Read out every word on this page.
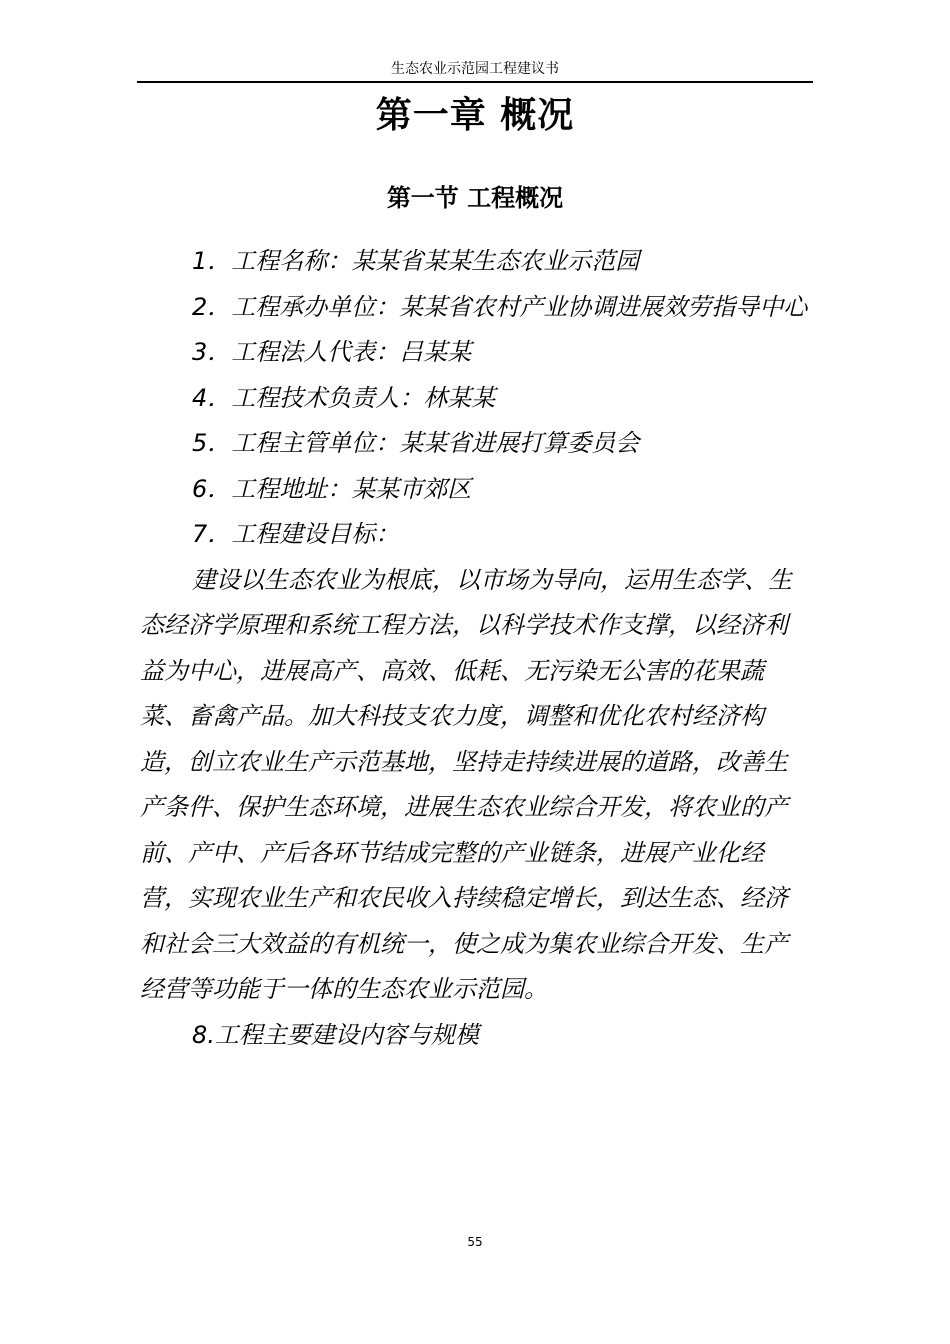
生态农业示范园工程建议书
第一章 概况
第一节 工程概况

1．工程名称：某某省某某生态农业示范园

2．工程承办单位：某某省农村产业协调进展效劳指导中心

3．工程法人代表：吕某某

4．工程技术负责人：林某某

5．工程主管单位：某某省进展打算委员会

6．工程地址：某某市郊区

7．工程建设目标：

建设以生态农业为根底，以市场为导向，运用生态学、生态经济学原理和系统工程方法，以科学技术作支撑，以经济利益为中心，进展高产、高效、低耗、无污染无公害的花果蔬菜、畜禽产品。加大科技支农力度，调整和优化农村经济构造，创立农业生产示范基地，坚持走持续进展的道路，改善生产条件、保护生态环境，进展生态农业综合开发，将农业的产前、产中、产后各环节结成完整的产业链条，进展产业化经营，实现农业生产和农民收入持续稳定增长，到达生态、经济和社会三大效益的有机统一，使之成为集农业综合开发、生产经营等功能于一体的生态农业示范园。

8.工程主要建设内容与规模

55
